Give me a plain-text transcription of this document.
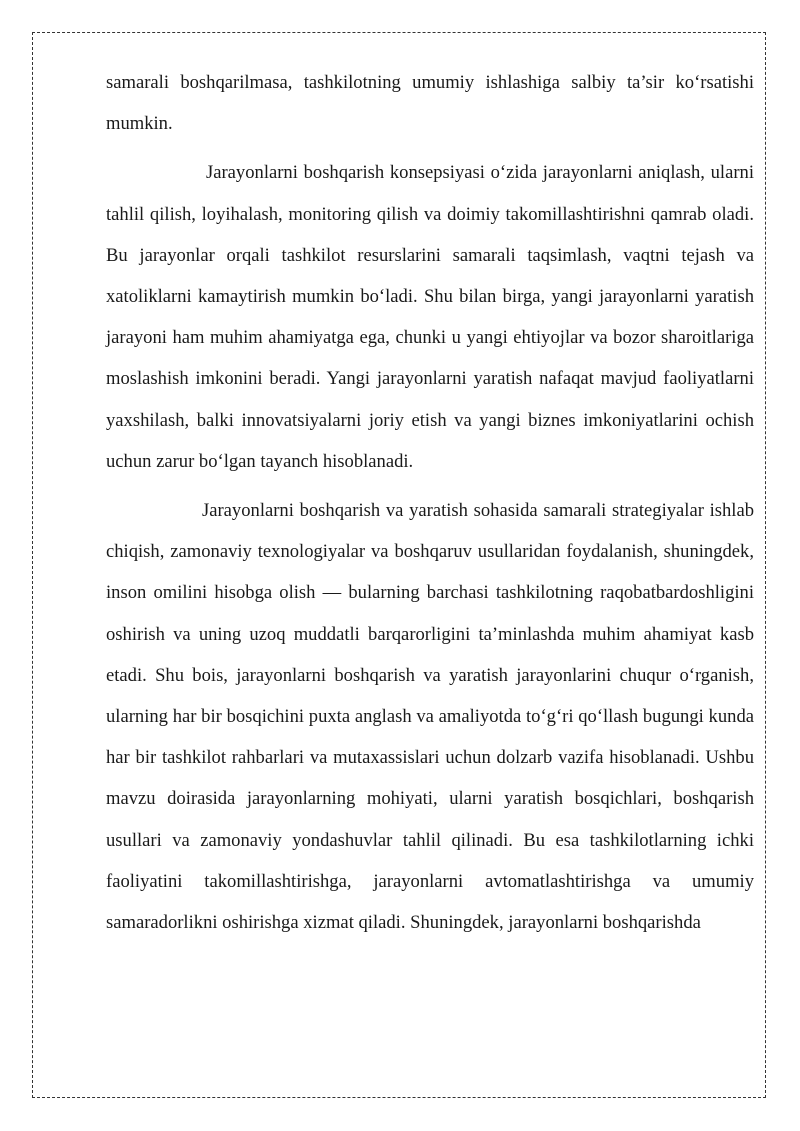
samarali boshqarilmasa, tashkilotning umumiy ishlashiga salbiy ta’sir ko‘rsatishi mumkin.

Jarayonlarni boshqarish konsepsiyasi o‘zida jarayonlarni aniqlash, ularni tahlil qilish, loyihalash, monitoring qilish va doimiy takomillashtirishni qamrab oladi. Bu jarayonlar orqali tashkilot resurslarini samarali taqsimlash, vaqtni tejash va xatoliklarni kamaytirish mumkin bo‘ladi. Shu bilan birga, yangi jarayonlarni yaratish jarayoni ham muhim ahamiyatga ega, chunki u yangi ehtiyojlar va bozor sharoitlariga moslashish imkonini beradi. Yangi jarayonlarni yaratish nafaqat mavjud faoliyatlarni yaxshilash, balki innovatsiyalarni joriy etish va yangi biznes imkoniyatlarini ochish uchun zarur bo‘lgan tayanch hisoblanadi.

Jarayonlarni boshqarish va yaratish sohasida samarali strategiyalar ishlab chiqish, zamonaviy texnologiyalar va boshqaruv usullaridan foydalanish, shuningdek, inson omilini hisobga olish — bularning barchasi tashkilotning raqobatbardoshligini oshirish va uning uzoq muddatli barqarorligini ta’minlashda muhim ahamiyat kasb etadi. Shu bois, jarayonlarni boshqarish va yaratish jarayonlarini chuqur o‘rganish, ularning har bir bosqichini puxta anglash va amaliyotda to‘g‘ri qo‘llash bugungi kunda har bir tashkilot rahbarlari va mutaxassislari uchun dolzarb vazifa hisoblanadi. Ushbu mavzu doirasida jarayonlarning mohiyati, ularni yaratish bosqichlari, boshqarish usullari va zamonaviy yondashuvlar tahlil qilinadi. Bu esa tashkilotlarning ichki faoliyatini takomillashtirishga, jarayonlarni avtomatlashtirishga va umumiy samaradorlikni oshirishga xizmat qiladi. Shuningdek, jarayonlarni boshqarishda
